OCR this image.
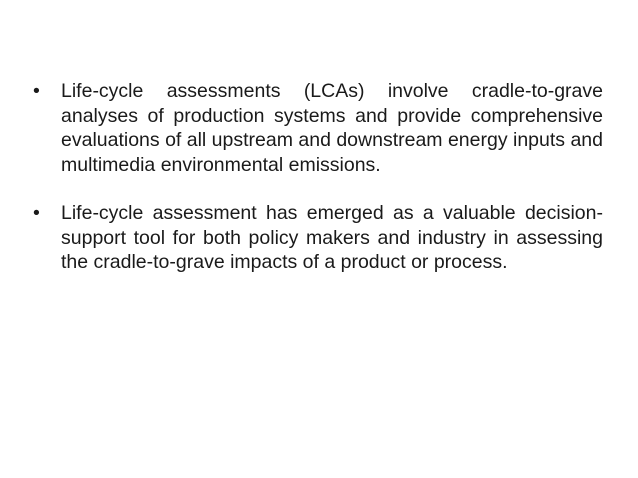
•	Life-cycle assessments (LCAs) involve cradle-to-grave analyses of production systems and provide comprehensive evaluations of all upstream and downstream energy inputs and multimedia environmental emissions.
•	Life-cycle assessment has emerged as a valuable decision-support tool for both policy makers and industry in assessing the cradle-to-grave impacts of a product or process.
